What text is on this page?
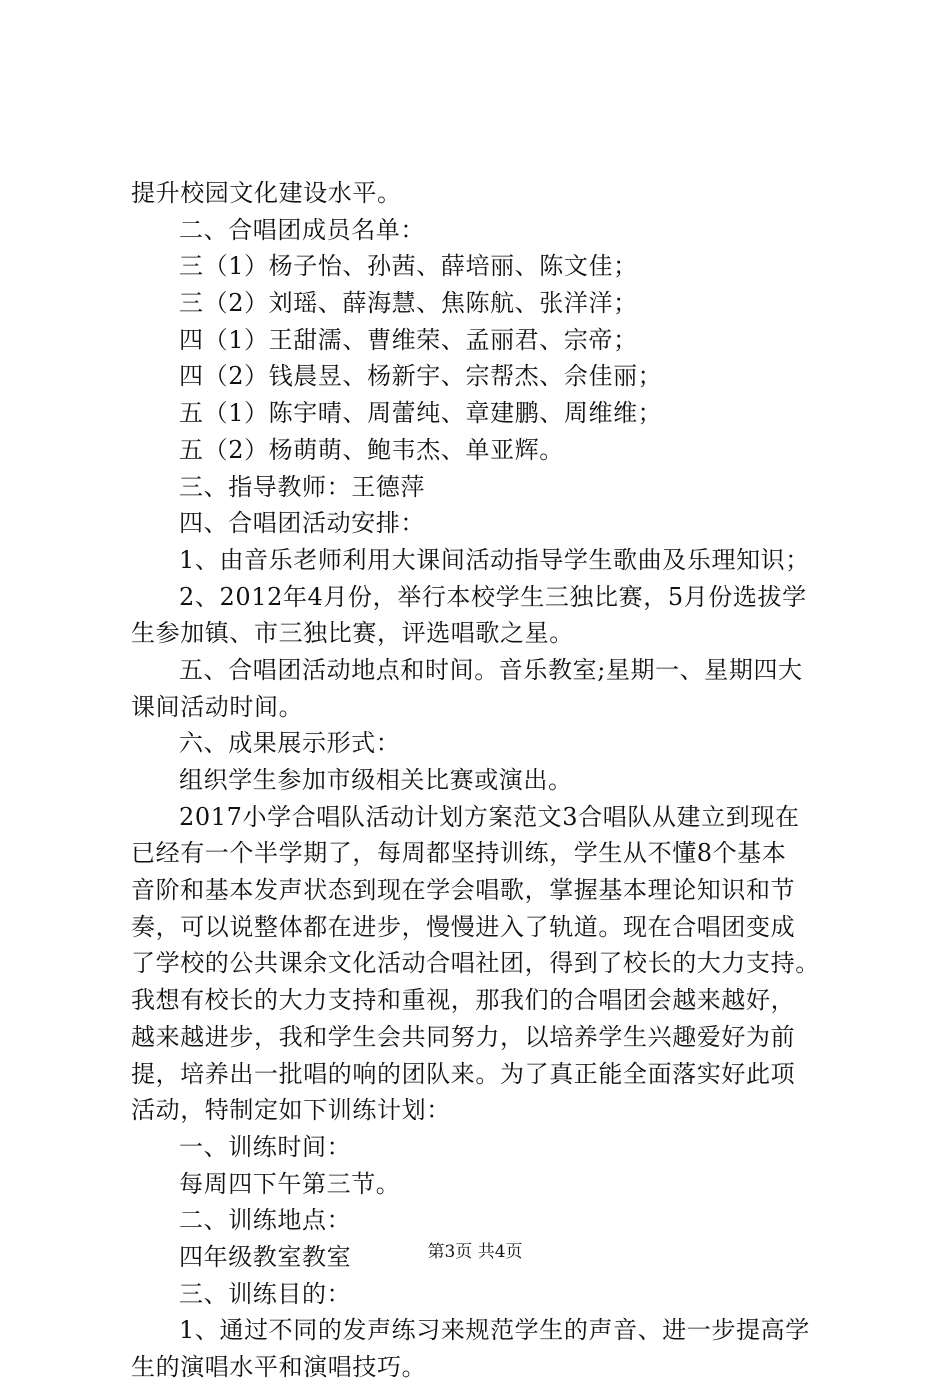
提升校园文化建设水平。
二、合唱团成员名单：
三（1）杨子怡、孙茜、薛培丽、陈文佳；
三（2）刘瑶、薛海慧、焦陈航、张洋洋；
四（1）王甜濡、曹维荣、孟丽君、宗帝；
四（2）钱晨昱、杨新宇、宗帮杰、佘佳丽；
五（1）陈宇晴、周蕾纯、章建鹏、周维维；
五（2）杨萌萌、鲍韦杰、单亚辉。
三、指导教师：王德萍
四、合唱团活动安排：
1、由音乐老师利用大课间活动指导学生歌曲及乐理知识；
2、2012年4月份，举行本校学生三独比赛，5月份选拔学
生参加镇、市三独比赛，评选唱歌之星。
五、合唱团活动地点和时间。音乐教室;星期一、星期四大
课间活动时间。
六、成果展示形式：
组织学生参加市级相关比赛或演出。
2017小学合唱队活动计划方案范文3合唱队从建立到现在
已经有一个半学期了，每周都坚持训练，学生从不懂8个基本
音阶和基本发声状态到现在学会唱歌，掌握基本理论知识和节
奏，可以说整体都在进步，慢慢进入了轨道。现在合唱团变成
了学校的公共课余文化活动合唱社团，得到了校长的大力支持。
我想有校长的大力支持和重视，那我们的合唱团会越来越好，
越来越进步，我和学生会共同努力，以培养学生兴趣爱好为前
提，培养出一批唱的响的团队来。为了真正能全面落实好此项
活动，特制定如下训练计划：
一、训练时间：
每周四下午第三节。
二、训练地点：
四年级教室教室
三、训练目的：
1、通过不同的发声练习来规范学生的声音、进一步提高学
生的演唱水平和演唱技巧。
第3页 共4页
